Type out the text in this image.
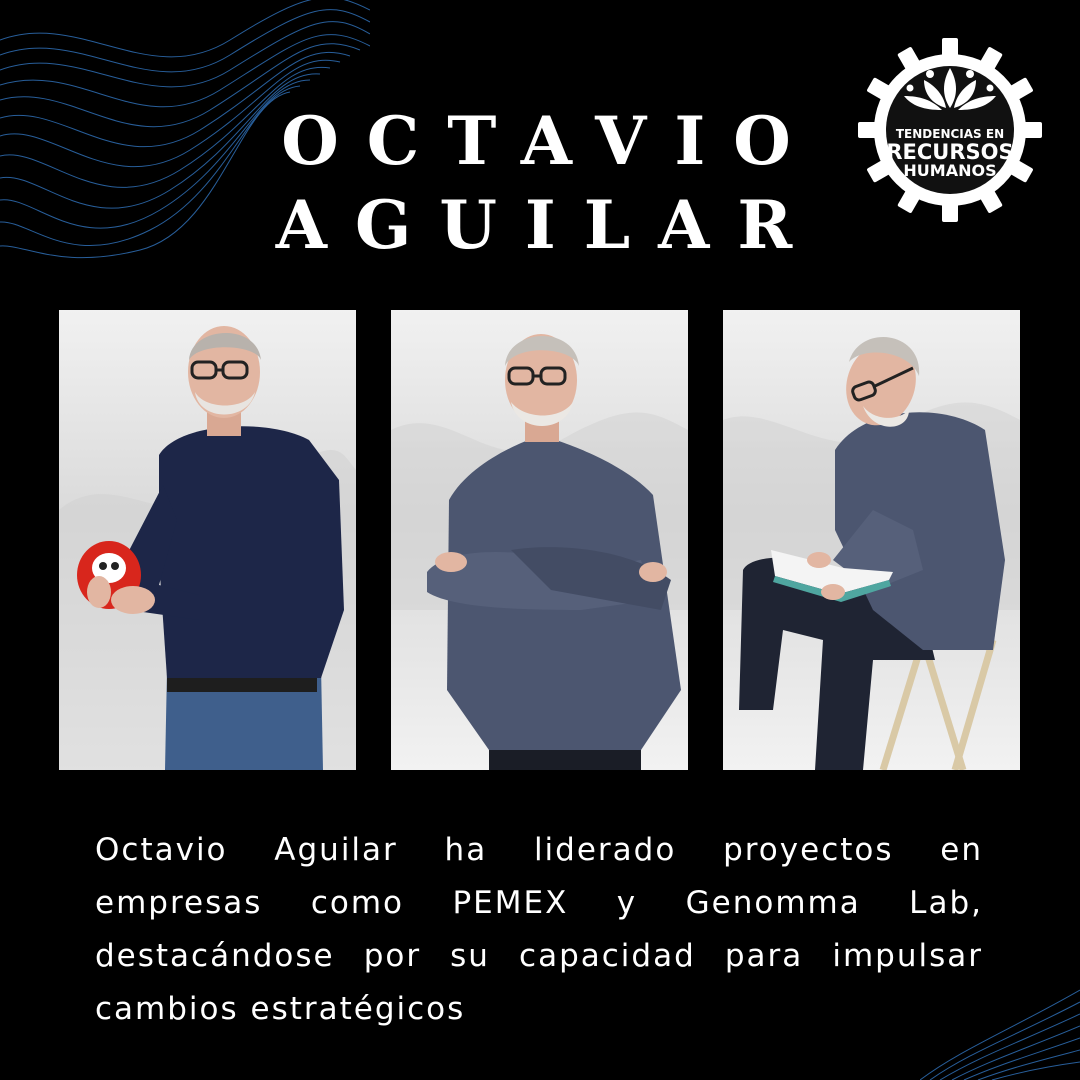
OCTAVIO
AGUILAR
TENDENCIAS EN
RECURSOS
HUMANOS

Octavio Aguilar ha liderado proyectos en empresas como PEMEX y Genomma Lab, destacándose por su capacidad para impulsar cambios estratégicos
